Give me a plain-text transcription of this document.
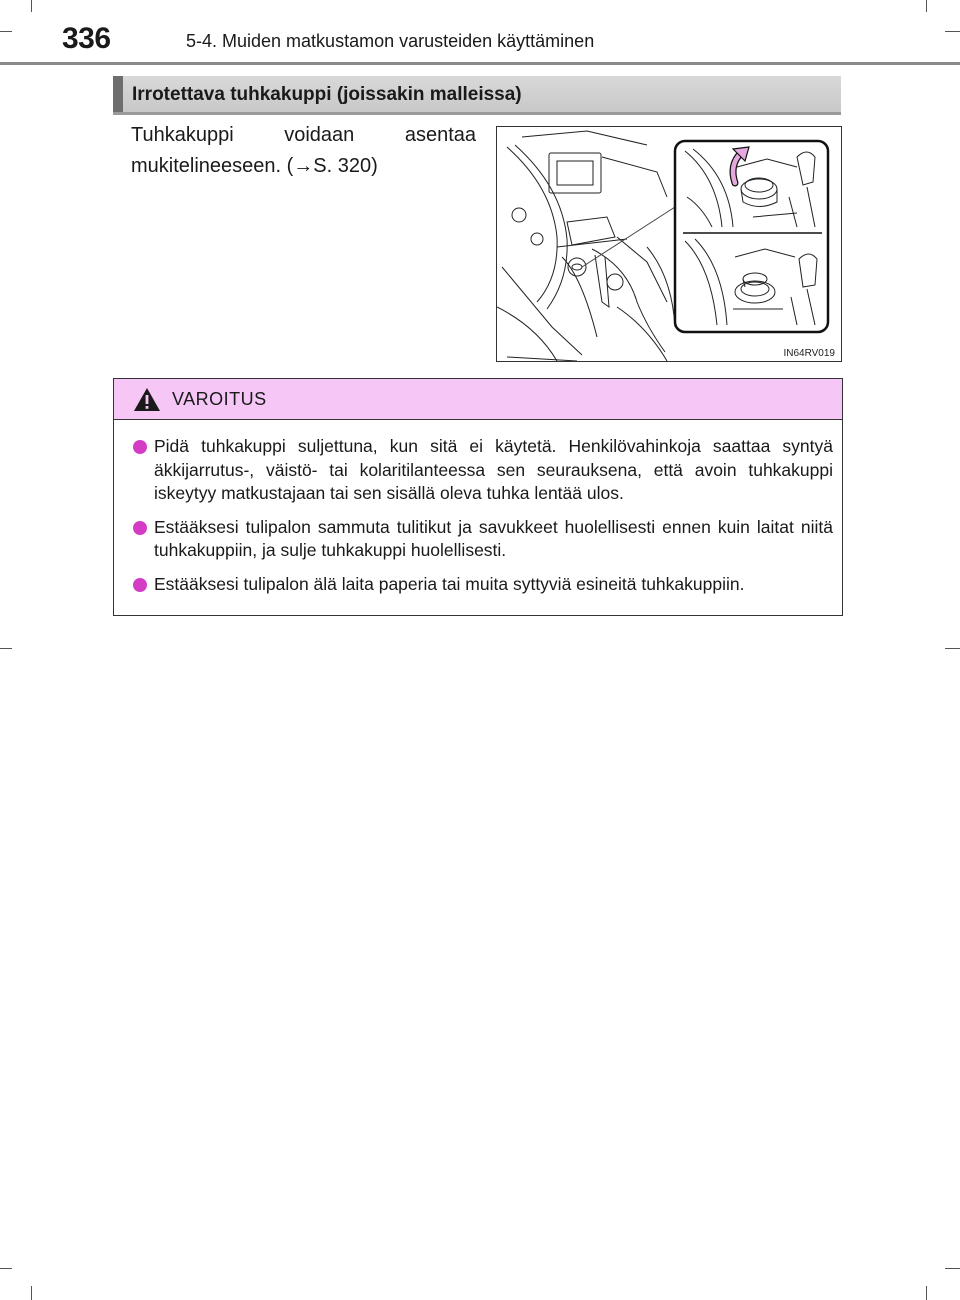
336	5-4. Muiden matkustamon varusteiden käyttäminen
Irrotettava tuhkakuppi (joissakin malleissa)
Tuhkakuppi voidaan asentaa mukitelineeseen. (→S. 320)
IN64RV019
VAROITUS
Pidä tuhkakuppi suljettuna, kun sitä ei käytetä. Henkilövahinkoja saattaa syntyä äkkijarrutus-, väistö- tai kolaritilanteessa sen seurauksena, että avoin tuhkakuppi iskeytyy matkustajaan tai sen sisällä oleva tuhka lentää ulos.
Estääksesi tulipalon sammuta tulitikut ja savukkeet huolellisesti ennen kuin laitat niitä tuhkakuppiin, ja sulje tuhkakuppi huolellisesti.
Estääksesi tulipalon älä laita paperia tai muita syttyviä esineitä tuhkakuppiin.
